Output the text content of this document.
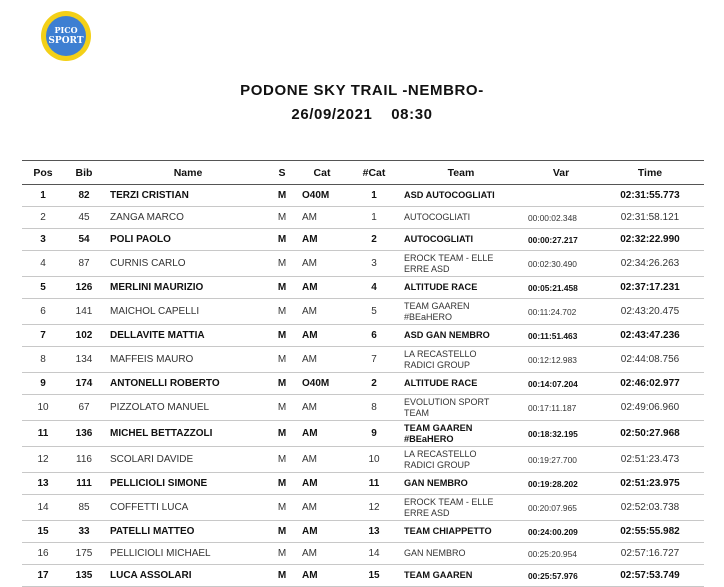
PICO
SPORT
PODONE SKY TRAIL -NEMBRO-
26/09/2021 08:30
Pos	Bib	Name	S	Cat	#Cat	Team	Var	Time
1	82	TERZI CRISTIAN	M	O40M	1	ASD AUTOCOGLIATI		02:31:55.773
2	45	ZANGA MARCO	M	AM	1	AUTOCOGLIATI	00:00:02.348	02:31:58.121
3	54	POLI PAOLO	M	AM	2	AUTOCOGLIATI	00:00:27.217	02:32:22.990
4	87	CURNIS CARLO	M	AM	3	EROCK TEAM - ELLE
ERRE ASD	00:02:30.490	02:34:26.263
5	126	MERLINI MAURIZIO	M	AM	4	ALTITUDE RACE	00:05:21.458	02:37:17.231
6	141	MAICHOL CAPELLI	M	AM	5	TEAM GAAREN
#BEaHERO	00:11:24.702	02:43:20.475
7	102	DELLAVITE MATTIA	M	AM	6	ASD GAN NEMBRO	00:11:51.463	02:43:47.236
8	134	MAFFEIS MAURO	M	AM	7	LA RECASTELLO
RADICI GROUP	00:12:12.983	02:44:08.756
9	174	ANTONELLI ROBERTO	M	O40M	2	ALTITUDE RACE	00:14:07.204	02:46:02.977
10	67	PIZZOLATO MANUEL	M	AM	8	EVOLUTION SPORT
TEAM	00:17:11.187	02:49:06.960
11	136	MICHEL BETTAZZOLI	M	AM	9	TEAM GAAREN
#BEaHERO	00:18:32.195	02:50:27.968
12	116	SCOLARI DAVIDE	M	AM	10	LA RECASTELLO
RADICI GROUP	00:19:27.700	02:51:23.473
13	111	PELLICIOLI SIMONE	M	AM	11	GAN NEMBRO	00:19:28.202	02:51:23.975
14	85	COFFETTI LUCA	M	AM	12	EROCK TEAM - ELLE
ERRE ASD	00:20:07.965	02:52:03.738
15	33	PATELLI MATTEO	M	AM	13	TEAM CHIAPPETTO	00:24:00.209	02:55:55.982
16	175	PELLICIOLI MICHAEL	M	AM	14	GAN NEMBRO	00:25:20.954	02:57:16.727
17	135	LUCA ASSOLARI	M	AM	15	TEAM GAAREN	00:25:57.976	02:57:53.749
